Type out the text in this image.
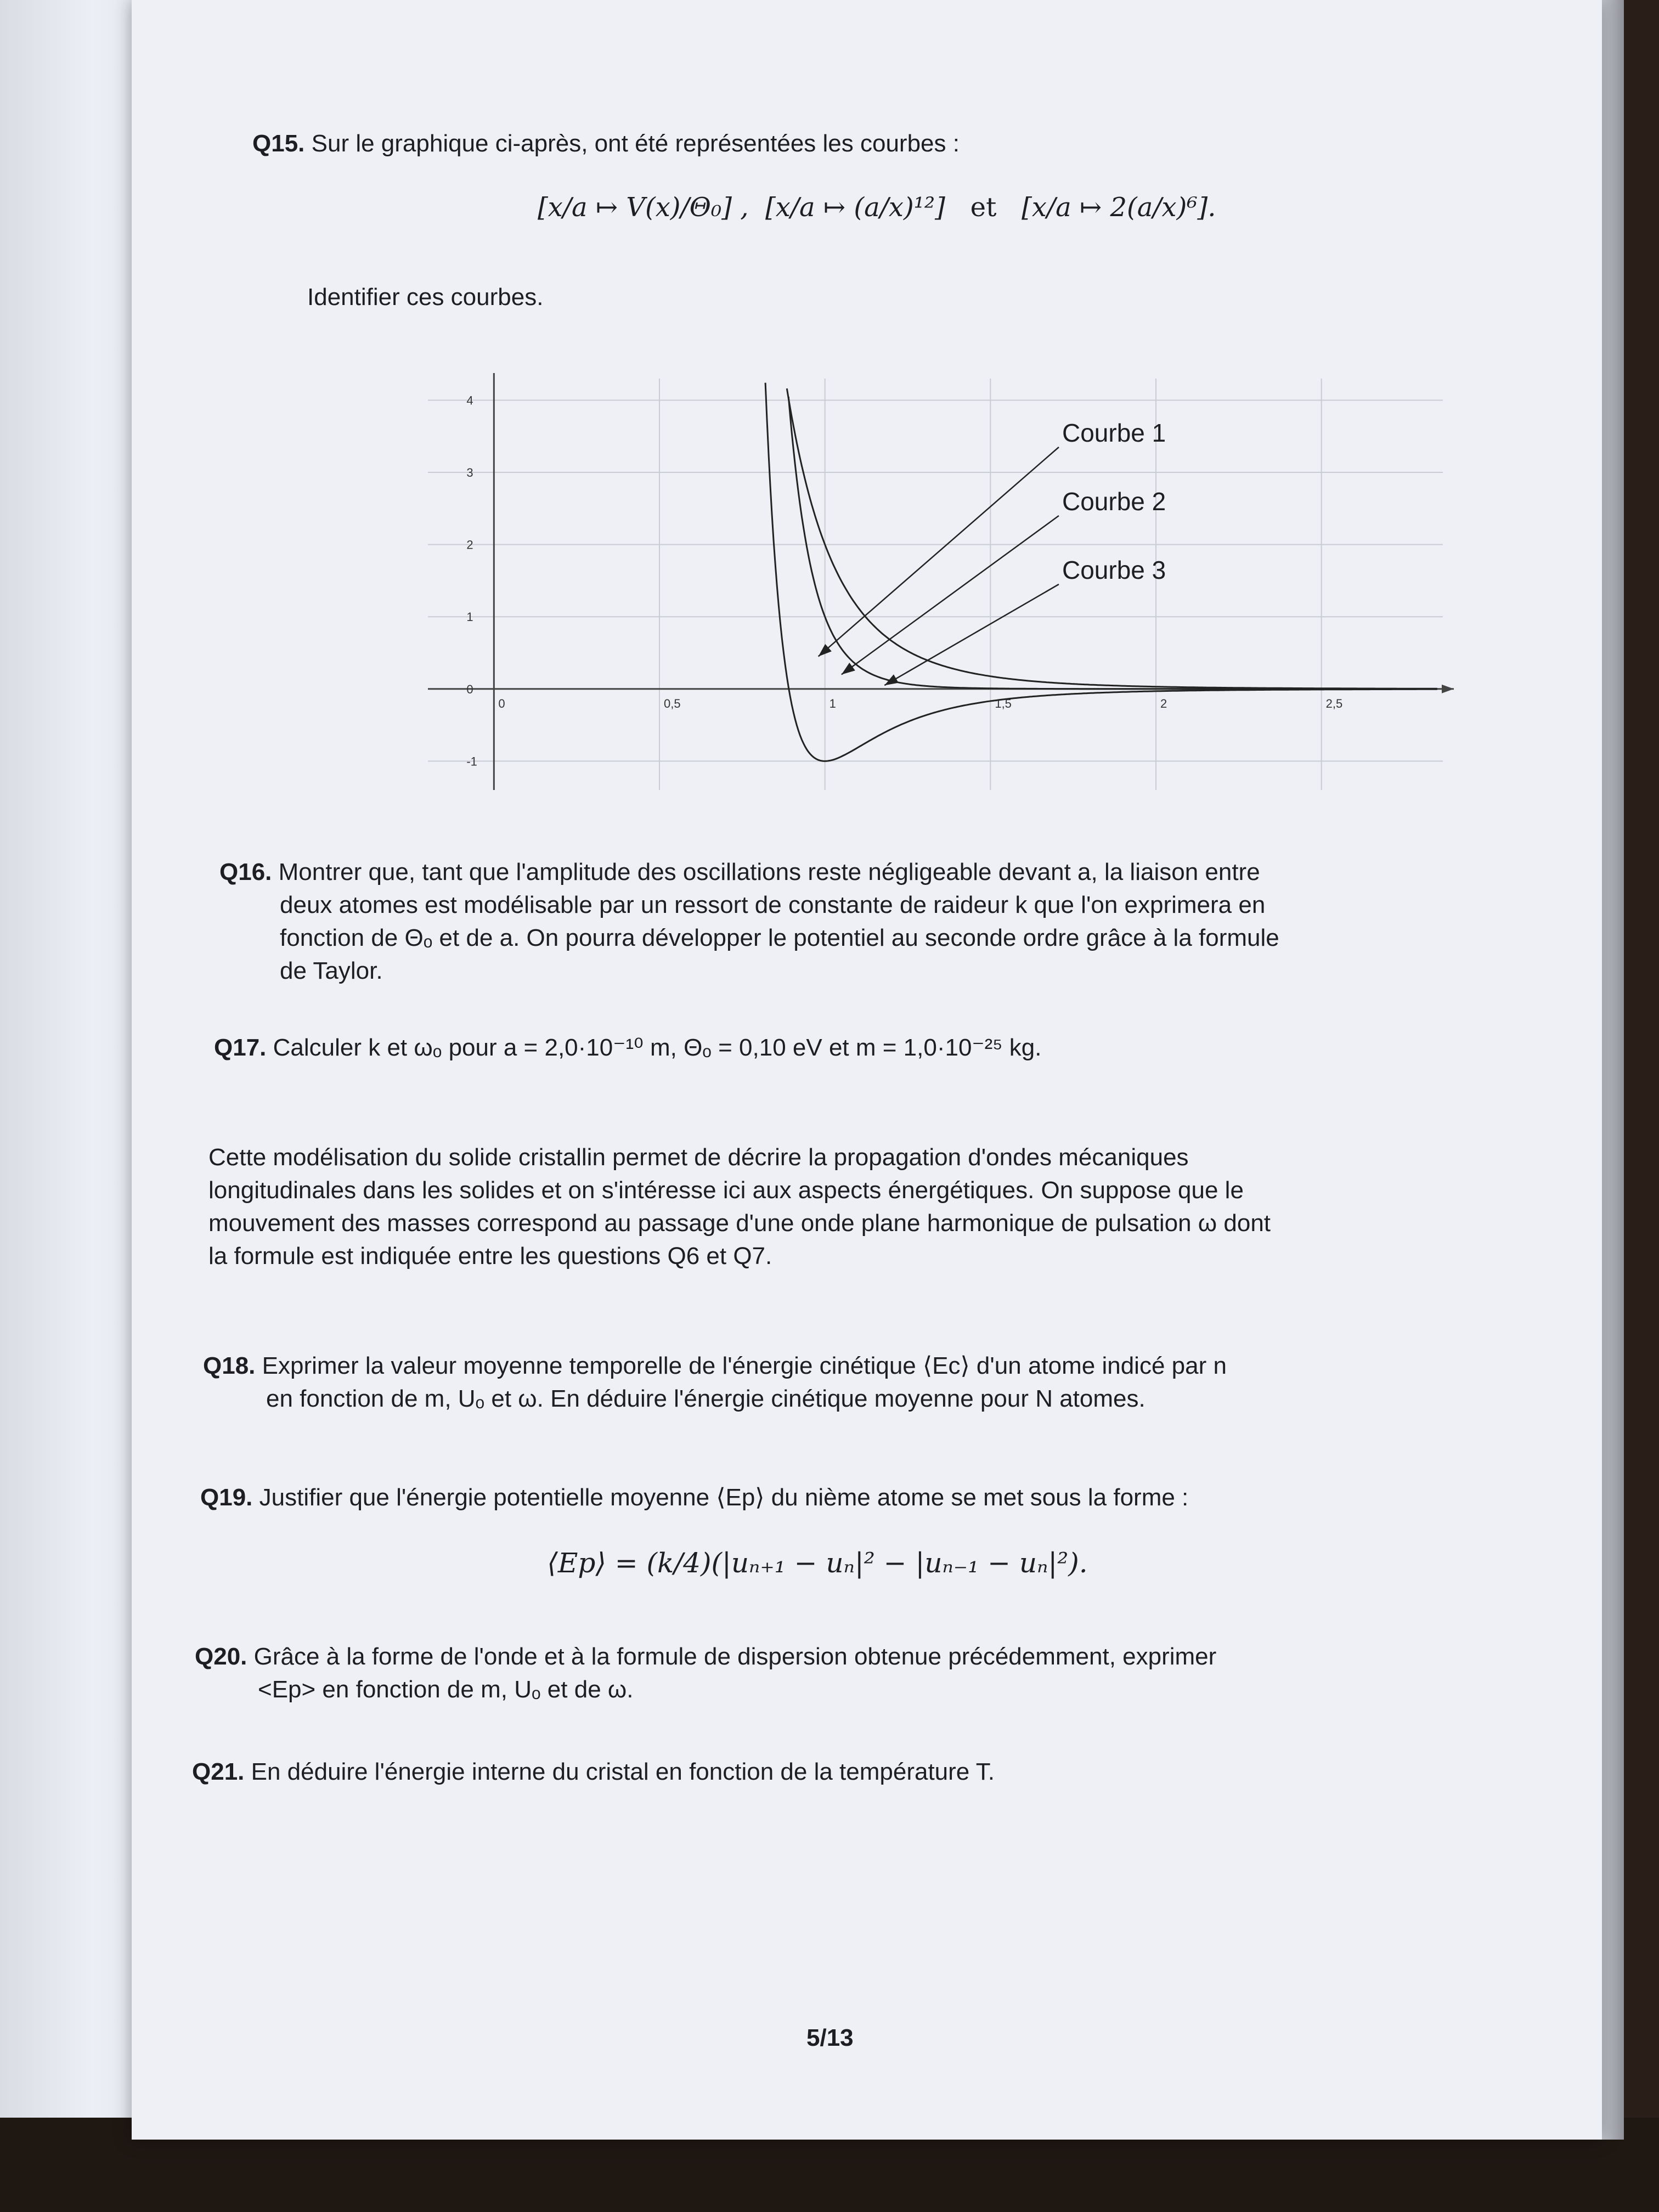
Q15. Sur le graphique ci-après, ont été représentées les courbes :
[x/a ↦ V(x)/Θ₀] ,  [x/a ↦ (a/x)¹²] et [x/a ↦ 2(a/x)⁶].
Identifier ces courbes.
0	0,5	1	1,5	2	2,5
-1
0
1
2
3
4
Courbe 1
Courbe 2
Courbe 3
Q16. Montrer que, tant que l'amplitude des oscillations reste négligeable devant a, la liaison entre
deux atomes est modélisable par un ressort de constante de raideur k que l'on exprimera en
fonction de Θₒ et de a. On pourra développer le potentiel au seconde ordre grâce à la formule
de Taylor.
Q17. Calculer k et ωₒ pour a = 2,0·10⁻¹⁰ m, Θₒ = 0,10 eV et m = 1,0·10⁻²⁵ kg.
Cette modélisation du solide cristallin permet de décrire la propagation d'ondes mécaniques
longitudinales dans les solides et on s'intéresse ici aux aspects énergétiques. On suppose que le
mouvement des masses correspond au passage d'une onde plane harmonique de pulsation ω dont
la formule est indiquée entre les questions Q6 et Q7.
Q18. Exprimer la valeur moyenne temporelle de l'énergie cinétique ⟨Ec⟩ d'un atome indicé par n
en fonction de m, Uₒ et ω. En déduire l'énergie cinétique moyenne pour N atomes.
Q19. Justifier que l'énergie potentielle moyenne ⟨Ep⟩ du nième atome se met sous la forme :
⟨Ep⟩ = (k/4)(|uₙ₊₁ − uₙ|² − |uₙ₋₁ − uₙ|²).
Q20. Grâce à la forme de l'onde et à la formule de dispersion obtenue précédemment, exprimer
<Ep> en fonction de m, Uₒ et de ω.
Q21. En déduire l'énergie interne du cristal en fonction de la température T.
5/13
